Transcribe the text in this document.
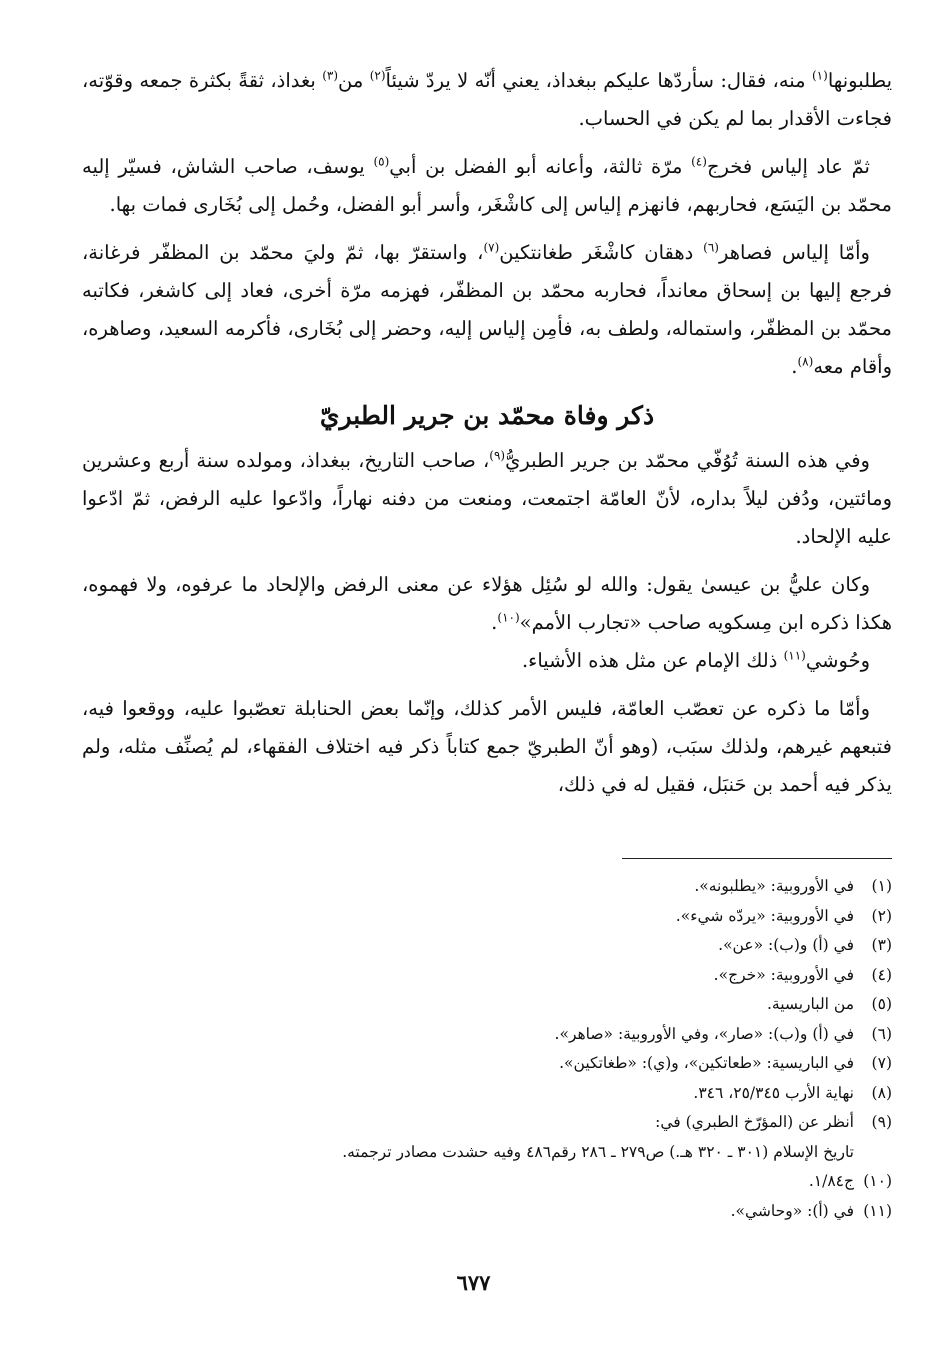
يطلبونها$^{(١)}$ منه، فقال: سأردّها عليكم ببغداذ، يعني أنّه لا يردّ شيئاً$^{(٢)}$ من$^{(٣)}$ بغداذ، ثقةً بكثرة جمعه وقوّته، فجاءت الأقدار بما لم يكن في الحساب.

ثمّ عاد إلياس فخرج$^{(٤)}$ مرّة ثالثة، وأعانه أبو الفضل بن أبي$^{(٥)}$ يوسف، صاحب الشاش، فسيّر إليه محمّد بن اليَسَع، فحاربهم، فانهزم إلياس إلى كاشْغَر، وأسر أبو الفضل، وحُمل إلى بُخَارى فمات بها.

وأمّا إلياس فصاهر$^{(٦)}$ دهقان كاشْغَر طغانتكين$^{(٧)}$، واستقرّ بها، ثمّ وليَ محمّد بن المظفّر فرغانة، فرجع إليها بن إسحاق معانداً، فحاربه محمّد بن المظفّر، فهزمه مرّة أخرى، فعاد إلى كاشغر، فكاتبه محمّد بن المظفّر، واستماله، ولطف به، فأمِن إلياس إليه، وحضر إلى بُخَارى، فأكرمه السعيد، وصاهره، وأقام معه$^{(٨)}$.

ذكر وفاة محمّد بن جرير الطبريّ

وفي هذه السنة تُوُفّي محمّد بن جرير الطبريُّ$^{(٩)}$، صاحب التاريخ، ببغداذ، ومولده سنة أربع وعشرين ومائتين، ودُفن ليلاً بداره، لأنّ العامّة اجتمعت، ومنعت من دفنه نهاراً، وادّعوا عليه الرفض، ثمّ ادّعوا عليه الإلحاد.

وكان عليُّ بن عيسىٰ يقول: والله لو سُئِل هؤلاء عن معنى الرفض والإلحاد ما عرفوه، ولا فهموه، هكذا ذكره ابن مِسكويه صاحب «تجارب الأمم»$^{(١٠)}$.

وحُوشي$^{(١١)}$ ذلك الإمام عن مثل هذه الأشياء.

وأمّا ما ذكره عن تعصّب العامّة، فليس الأمر كذلك، وإنّما بعض الحنابلة تعصّبوا عليه، ووقعوا فيه، فتبعهم غيرهم، ولذلك سبَب، (وهو أنّ الطبريّ جمع كتاباً ذكر فيه اختلاف الفقهاء، لم يُصنِّف مثله، ولم يذكر فيه أحمد بن حَنبَل، فقيل له في ذلك،

(١)
في الأوروبية: «يطلبونه».
(٢)
في الأوروبية: «يردّه شيء».
(٣)
في (أ) و(ب): «عن».
(٤)
في الأوروبية: «خرج».
(٥)
من الباريسية.
(٦)
في (أ) و(ب): «صار»، وفي الأوروبية: «صاهر».
(٧)
في الباريسية: «طعاتكين»، و(ي): «طغاتكين».
(٨)
نهاية الأرب ٢٥/٣٤٥، ٣٤٦.
(٩)
أنظر عن (المؤرّخ الطبري) في:
تاريخ الإسلام (٣٠١ ـ ٣٢٠ هـ.) ص٢٧٩ ـ ٢٨٦ رقم٤٨٦ وفيه حشدت مصادر ترجمته.
(١٠)
ج١/٨٤.
(١١)
في (أ): «وحاشي».
٦٧٧
